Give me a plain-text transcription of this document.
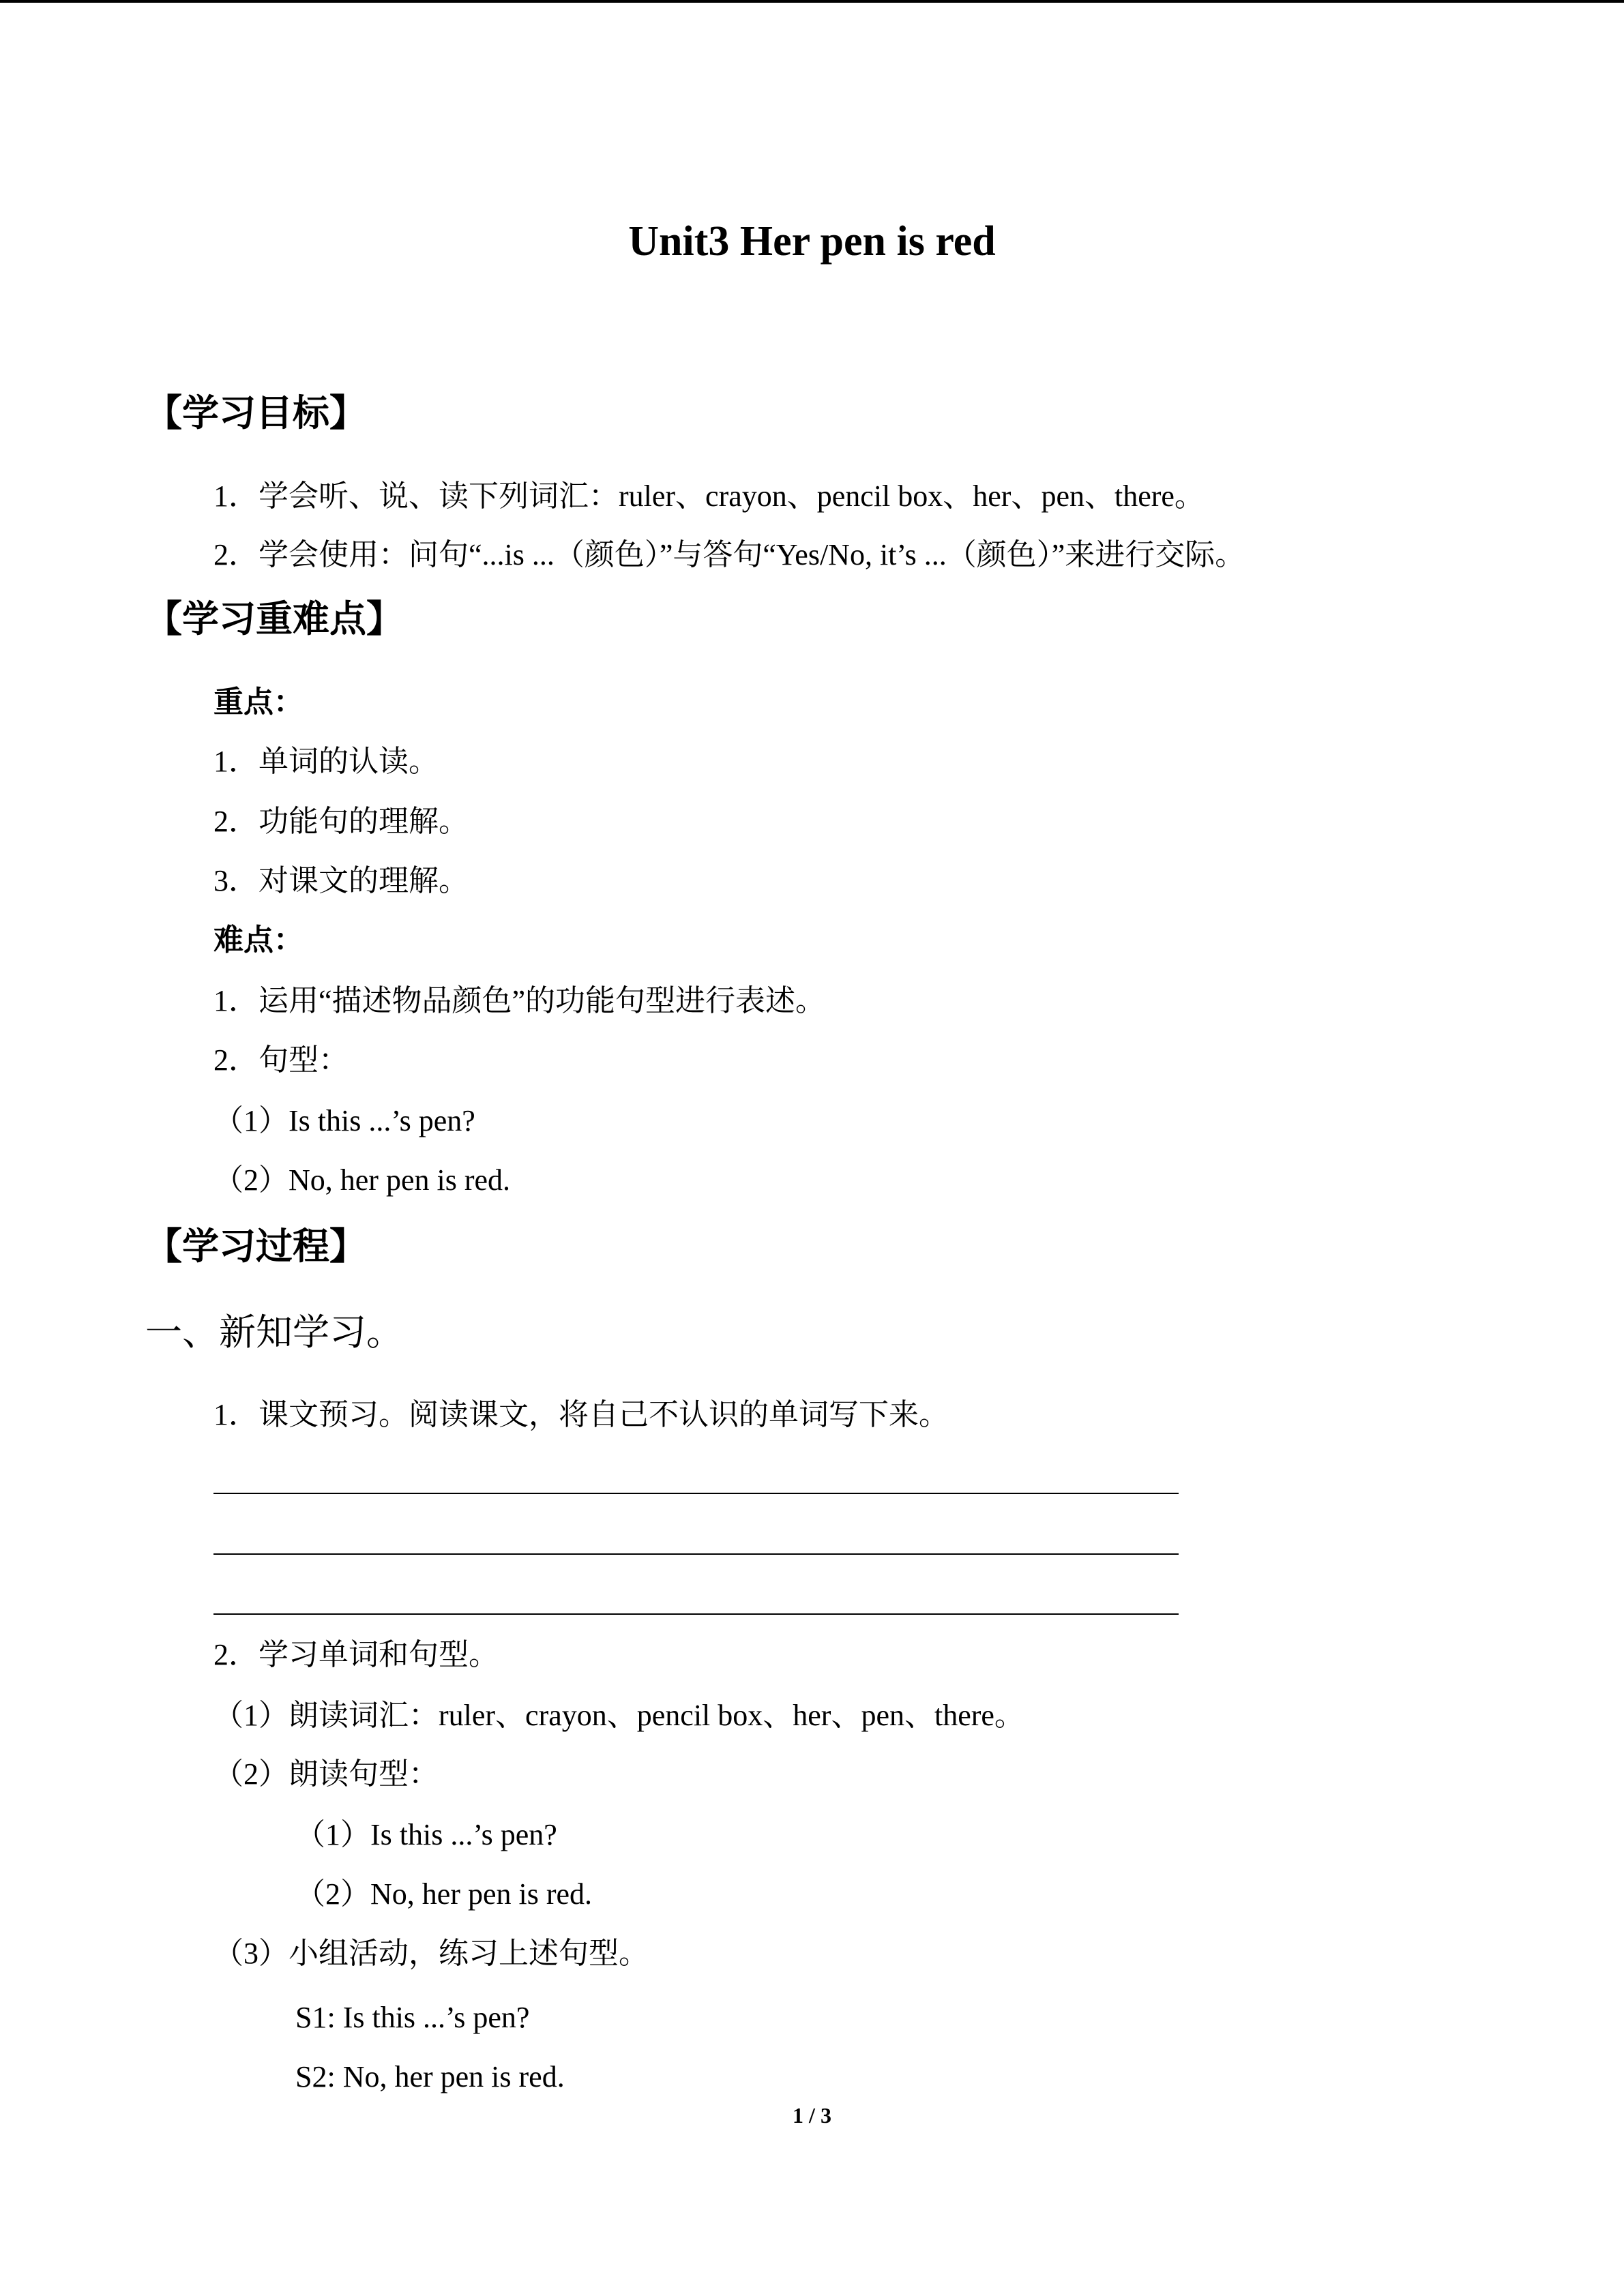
Unit3 Her pen is red
【学习目标】
1．学会听、说、读下列词汇：ruler、crayon、pencil box、her、pen、there。
2．学会使用：问句“...is ...（颜色）”与答句“Yes/No, it’s ...（颜色）”来进行交际。
【学习重难点】
重点：
1．单词的认读。
2．功能句的理解。
3．对课文的理解。
难点：
1．运用“描述物品颜色”的功能句型进行表述。
2．句型：
（1）Is this ...’s pen?
（2）No, her pen is red.
【学习过程】
一、新知学习。
1．课文预习。阅读课文，将自己不认识的单词写下来。
2．学习单词和句型。
（1）朗读词汇：ruler、crayon、pencil box、her、pen、there。
（2）朗读句型：
（1）Is this ...’s pen?
（2）No, her pen is red.
（3）小组活动，练习上述句型。
S1: Is this ...’s pen?
S2: No, her pen is red.
1 / 3
